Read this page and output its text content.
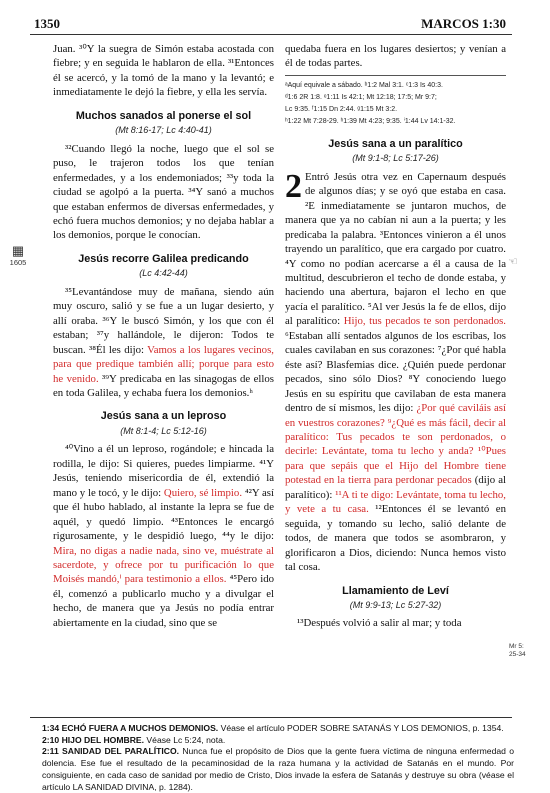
1350	MARCOS 1:30
▦
1605	☜
Mr 5:
25-34

Juan. ³⁰Y la suegra de Simón estaba acostada con fiebre; y en seguida le hablaron de ella. ³¹Entonces él se acercó, y la tomó de la mano y la levantó; e inmediatamente le dejó la fiebre, y ella les servía.

Muchos sanados al ponerse el sol
(Mt 8:16-17; Lc 4:40-41)

³²Cuando llegó la noche, luego que el sol se puso, le trajeron todos los que tenían enfermedades, y a los endemoniados; ³³y toda la ciudad se agolpó a la puerta. ³⁴Y sanó a muchos que estaban enfermos de diversas enfermedades, y echó fuera muchos demonios; y no dejaba hablar a los demonios, porque le conocían.

Jesús recorre Galilea predicando
(Lc 4:42-44)

³⁵Levantándose muy de mañana, siendo aún muy oscuro, salió y se fue a un lugar desierto, y allí oraba. ³⁶Y le buscó Simón, y los que con él estaban; ³⁷y hallándole, le dijeron: Todos te buscan. ³⁸Él les dijo: Vamos a los lugares vecinos, para que predique también allí; porque para esto he venido. ³⁹Y predicaba en las sinagogas de ellos en toda Galilea, y echaba fuera los demonios.ʰ

Jesús sana a un leproso
(Mt 8:1-4; Lc 5:12-16)

⁴⁰Vino a él un leproso, rogándole; e hincada la rodilla, le dijo: Si quieres, puedes limpiarme. ⁴¹Y Jesús, teniendo misericordia de él, extendió la mano y le tocó, y le dijo: Quiero, sé limpio. ⁴²Y así que él hubo hablado, al instante la lepra se fue de aquél, y quedó limpio. ⁴³Entonces le encargó rigurosamente, y le despidió luego, ⁴⁴y le dijo: Mira, no digas a nadie nada, sino ve, muéstrate al sacerdote, y ofrece por tu purificación lo que Moisés mandó,ⁱ para testimonio a ellos. ⁴⁵Pero ido él, comenzó a publicarlo mucho y a divulgar el hecho, de manera que ya Jesús no podía entrar abiertamente en la ciudad, sino que se

quedaba fuera en los lugares desiertos; y venían a él de todas partes.

ᵃAquí equivale a sábado. ᵇ1:2 Mal 3:1. ᶜ1:3 Is 40:3.
ᵈ1:6 2R 1:8. ᵉ1:11 Is 42:1; Mt 12:18; 17:5; Mr 9:7;
Lc 9:35. ᶠ1:15 Dn 2:44. ᵍ1:15 Mt 3:2.
ʰ1:22 Mt 7:28-29. ʰ1:39 Mt 4:23; 9:35. ⁱ1:44 Lv 14:1-32.
Jesús sana a un paralítico
(Mt 9:1-8; Lc 5:17-26)

2 Entró Jesús otra vez en Capernaum después de algunos días; y se oyó que estaba en casa. ²E inmediatamente se juntaron muchos, de manera que ya no cabían ni aun a la puerta; y les predicaba la palabra. ³Entonces vinieron a él unos trayendo un paralítico, que era cargado por cuatro. ⁴Y como no podían acercarse a él a causa de la multitud, descubrieron el techo de donde estaba, y haciendo una abertura, bajaron el lecho en que yacía el paralítico. ⁵Al ver Jesús la fe de ellos, dijo al paralítico: Hijo, tus pecados te son perdonados. ⁶Estaban allí sentados algunos de los escribas, los cuales cavilaban en sus corazones: ⁷¿Por qué habla éste así? Blasfemias dice. ¿Quién puede perdonar pecados, sino sólo Dios? ⁸Y conociendo luego Jesús en su espíritu que cavilaban de esta manera dentro de sí mismos, les dijo: ¿Por qué caviláis así en vuestros corazones? ⁹¿Qué es más fácil, decir al paralítico: Tus pecados te son perdonados, o decirle: Levántate, toma tu lecho y anda? ¹⁰Pues para que sepáis que el Hijo del Hombre tiene potestad en la tierra para perdonar pecados (dijo al paralítico): ¹¹A ti te digo: Levántate, toma tu lecho, y vete a tu casa. ¹²Entonces él se levantó en seguida, y tomando su lecho, salió delante de todos, de manera que todos se asombraron, y glorificaron a Dios, diciendo: Nunca hemos visto tal cosa.

Llamamiento de Leví
(Mt 9:9-13; Lc 5:27-32)

¹³Después volvió a salir al mar; y toda

1:34 ECHÓ FUERA A MUCHOS DEMONIOS. Véase el artículo PODER SOBRE SATANÁS Y LOS DEMONIOS, p. 1354.

2:10 HIJO DEL HOMBRE. Véase Lc 5:24, nota.

2:11 SANIDAD DEL PARALÍTICO. Nunca fue el propósito de Dios que la gente fuera víctima de ninguna enfermedad o dolencia. Ese fue el resultado de la pecaminosidad de la raza humana y la actividad de Satanás en el mundo. Por consiguiente, en cada caso de sanidad por medio de Cristo, Dios invade la esfera de Satanás y destruye su obra (véase el artículo LA SANIDAD DIVINA, p. 1284).
